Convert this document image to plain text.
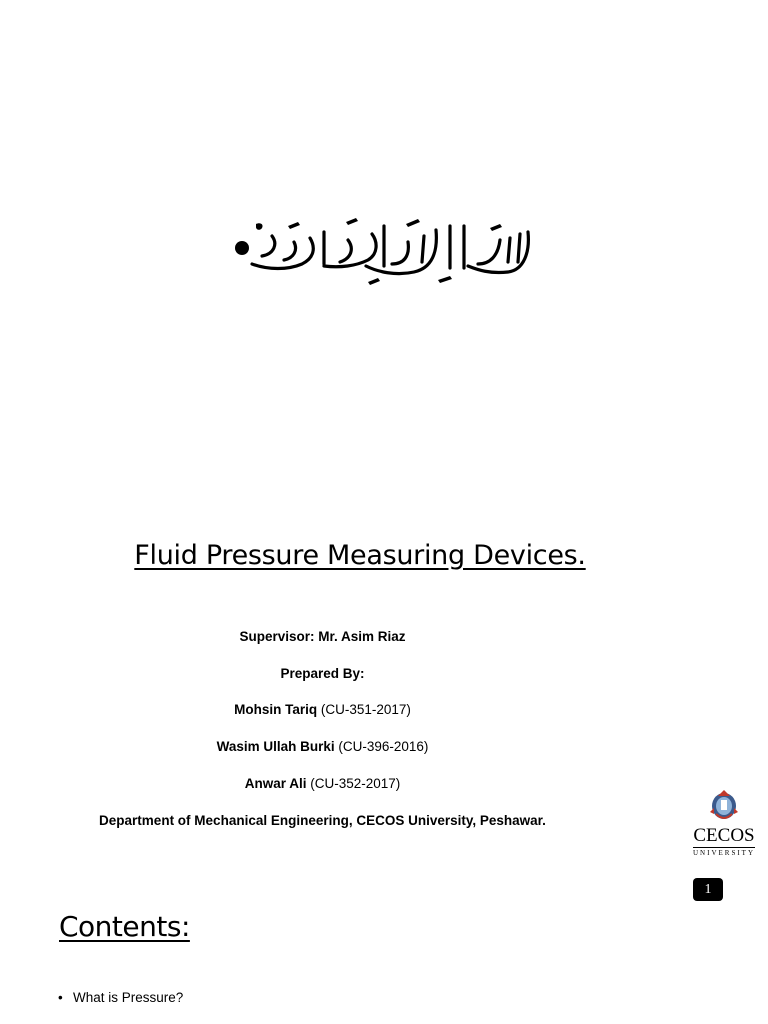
بسم الله الرحمن الرحيم
Fluid Pressure Measuring Devices.
Supervisor: Mr. Asim Riaz
Prepared By:
Mohsin Tariq (CU-351-2017)
Wasim Ullah Burki (CU-396-2016)
Anwar Ali (CU-352-2017)
Department of Mechanical Engineering, CECOS University, Peshawar.
CECOS
UNIVERSITY
1
Contents:
• What is Pressure?
